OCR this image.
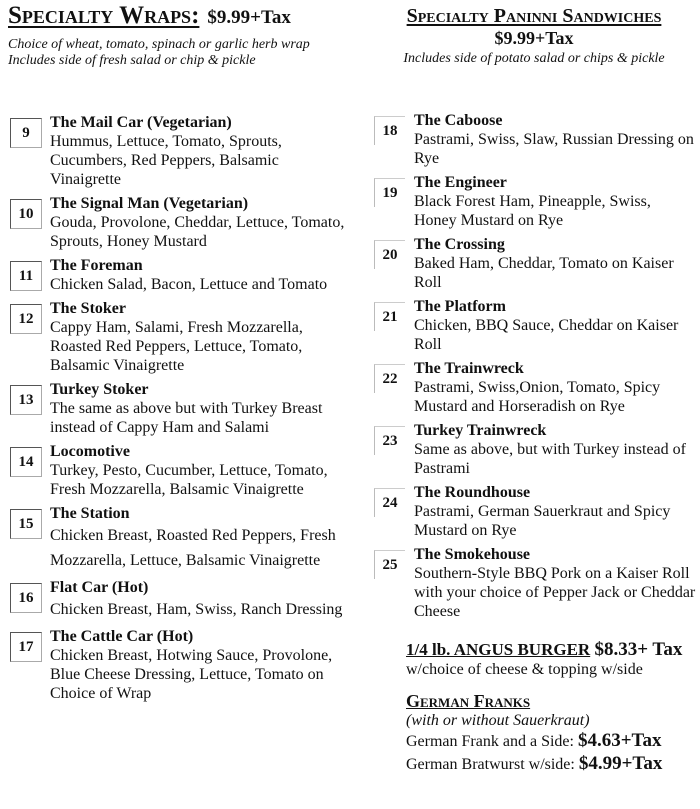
Specialty Wraps: $9.99+Tax
Choice of wheat, tomato, spinach or garlic herb wrap
Includes side of fresh salad or chip & pickle
9
The Mail Car (Vegetarian)
Hummus, Lettuce, Tomato, Sprouts, Cucumbers, Red Peppers, Balsamic Vinaigrette
10
The Signal Man (Vegetarian)
Gouda, Provolone, Cheddar, Lettuce, Tomato, Sprouts, Honey Mustard
11
The Foreman
Chicken Salad, Bacon, Lettuce and Tomato
12
The Stoker
Cappy Ham, Salami, Fresh Mozzarella, Roasted Red Peppers, Lettuce, Tomato, Balsamic Vinaigrette
13
Turkey Stoker
The same as above but with Turkey Breast instead of Cappy Ham and Salami
14
Locomotive
Turkey, Pesto, Cucumber, Lettuce, Tomato, Fresh Mozzarella, Balsamic Vinaigrette
15
The Station
Chicken Breast, Roasted Red Peppers, Fresh Mozzarella, Lettuce, Balsamic Vinaigrette
16
Flat Car (Hot)
Chicken Breast, Ham, Swiss, Ranch Dressing
17
The Cattle Car (Hot)
Chicken Breast, Hotwing Sauce, Provolone, Blue Cheese Dressing, Lettuce, Tomato on Choice of Wrap
Specialty Paninni Sandwiches
$9.99+Tax
Includes side of potato salad or chips & pickle
18
The Caboose
Pastrami, Swiss, Slaw, Russian Dressing on Rye
19
The Engineer
Black Forest Ham, Pineapple, Swiss, Honey Mustard on Rye
20
The Crossing
Baked Ham, Cheddar, Tomato on Kaiser Roll
21
The Platform
Chicken, BBQ Sauce, Cheddar on Kaiser Roll
22
The Trainwreck
Pastrami, Swiss,Onion, Tomato, Spicy Mustard and Horseradish on Rye
23
Turkey Trainwreck
Same as above, but with Turkey instead of Pastrami
24
The Roundhouse
Pastrami, German Sauerkraut and Spicy Mustard on Rye
25
The Smokehouse
Southern-Style BBQ Pork on a Kaiser Roll with your choice of Pepper Jack or Cheddar Cheese
1/4 lb. ANGUS BURGER $8.33+ Tax
w/choice of cheese & topping w/side
German Franks
(with or without Sauerkraut)
German Frank and a Side: $4.63+Tax
German Bratwurst w/side: $4.99+Tax
